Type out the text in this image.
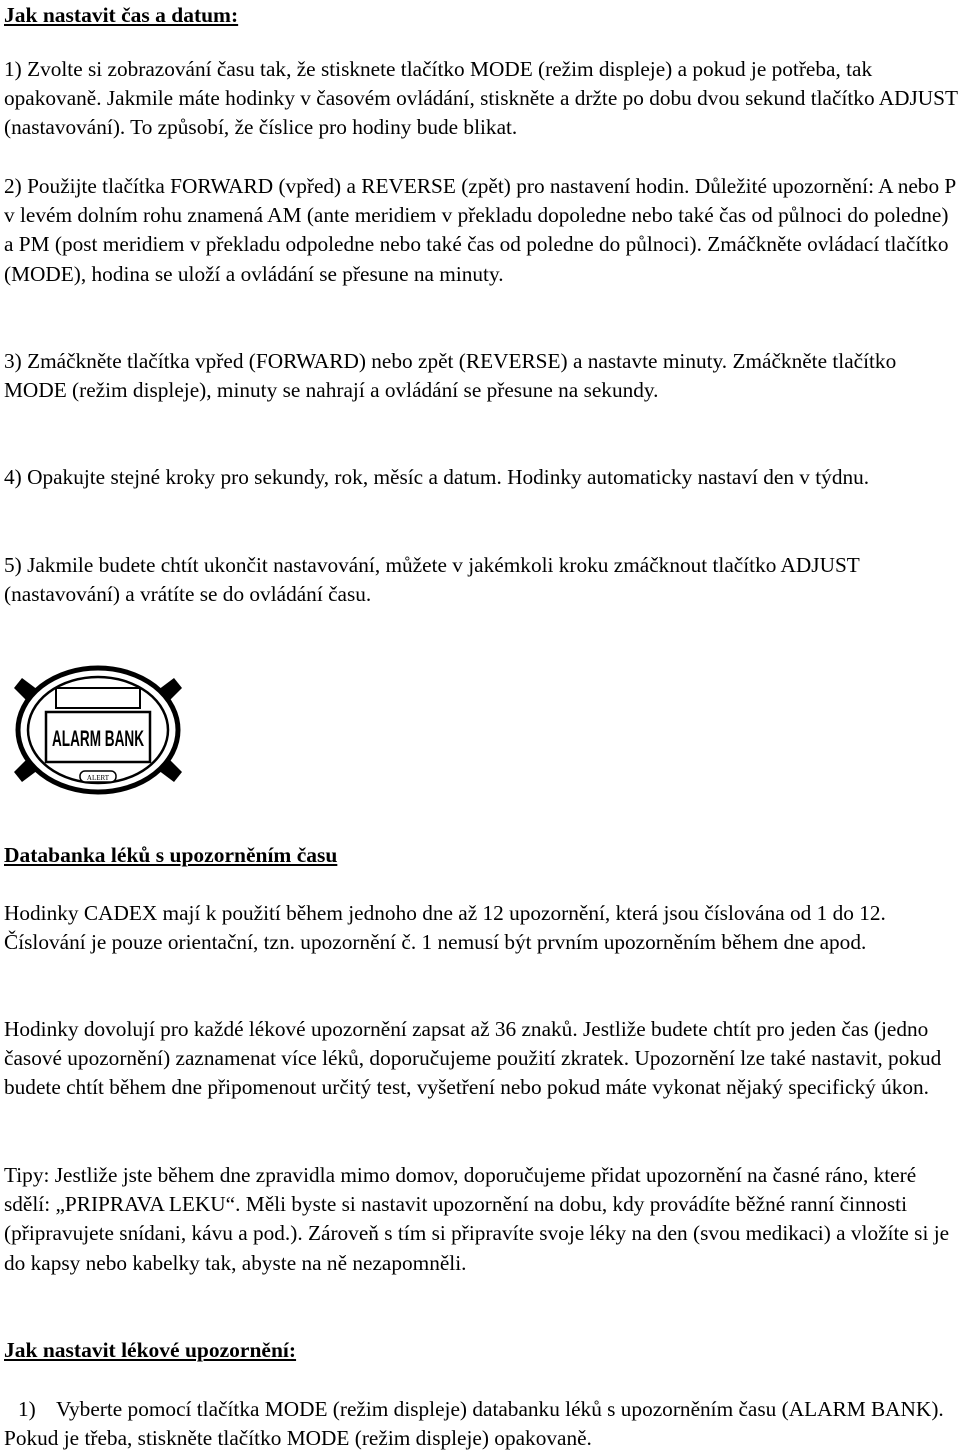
Jak nastavit čas a datum:

1) Zvolte si zobrazování času tak, že stisknete tlačítko MODE (režim displeje) a pokud je potřeba, tak opakovaně. Jakmile máte hodinky v časovém ovládání, stiskněte a držte po dobu dvou sekund tlačítko ADJUST (nastavování). To způsobí, že číslice pro hodiny bude blikat.

2) Použijte tlačítka FORWARD (vpřed) a REVERSE (zpět) pro nastavení hodin. Důležité upozornění: A nebo P v levém dolním rohu znamená AM (ante meridiem v překladu dopoledne nebo také čas od půlnoci do poledne) a PM (post meridiem v překladu odpoledne nebo také čas od poledne do půlnoci). Zmáčkněte ovládací tlačítko (MODE), hodina se uloží a ovládání se přesune na minuty.

3) Zmáčkněte tlačítka vpřed (FORWARD) nebo zpět (REVERSE) a nastavte minuty. Zmáčkněte tlačítko MODE (režim displeje), minuty se nahrají a ovládání se přesune na sekundy.

4) Opakujte stejné kroky pro sekundy, rok, měsíc a datum. Hodinky automaticky nastaví den v týdnu.

5) Jakmile budete chtít ukončit nastavování, můžete v jakémkoli kroku zmáčknout tlačítko ADJUST (nastavování) a vrátíte se do ovládání času.

ALARM BANK
ALERT
Databanka léků s upozorněním času

Hodinky CADEX mají k použití během jednoho dne až 12 upozornění, která jsou číslována od 1 do 12. Číslování je pouze orientační, tzn. upozornění č. 1 nemusí být prvním upozorněním během dne apod.

Hodinky dovolují pro každé lékové upozornění zapsat až 36 znaků. Jestliže budete chtít pro jeden čas (jedno časové upozornění) zaznamenat více léků, doporučujeme použití zkratek. Upozornění lze také nastavit, pokud budete chtít během dne připomenout určitý test, vyšetření nebo pokud máte vykonat nějaký specifický úkon.

Tipy: Jestliže jste během dne zpravidla mimo domov, doporučujeme přidat upozornění na časné ráno, které sdělí: „PRIPRAVA LEKU“. Měli byste si nastavit upozornění na dobu, kdy provádíte běžné ranní činnosti (připravujete snídani, kávu a pod.). Zároveň s tím si připravíte svoje léky na den (svou medikaci) a vložíte si je do kapsy nebo kabelky tak, abyste na ně nezapomněli.

Jak nastavit lékové upozornění:

1) Vyberte pomocí tlačítka MODE (režim displeje) databanku léků s upozorněním času (ALARM BANK). Pokud je třeba, stiskněte tlačítko MODE (režim displeje) opakovaně.
